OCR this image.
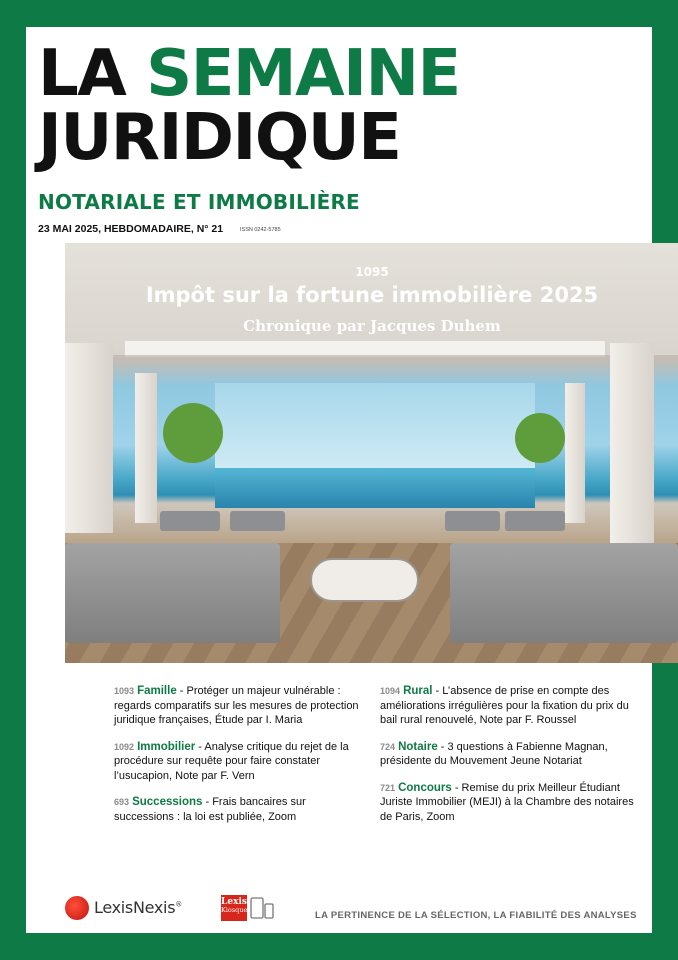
LA SEMAINE
JURIDIQUE
NOTARIALE ET IMMOBILIÈRE
23 MAI 2025, HEBDOMADAIRE, N° 21	ISSN 0242-5785
1095
Impôt sur la fortune immobilière 2025
Chronique par Jacques Duhem
1093 Famille - Protéger un majeur vulnérable : regards comparatifs sur les mesures de protection juridique françaises, Étude par I. Maria
1092 Immobilier - Analyse critique du rejet de la procédure sur requête pour faire constater l’usucapion, Note par F. Vern
693 Successions - Frais bancaires sur successions : la loi est publiée, Zoom
1094 Rural - L’absence de prise en compte des améliorations irrégulières pour la fixation du prix du bail rural renouvelé, Note par F. Roussel
724 Notaire - 3 questions à Fabienne Magnan, présidente du Mouvement Jeune Notariat
721 Concours - Remise du prix Meilleur Étudiant Juriste Immobilier (MEJI) à la Chambre des notaires de Paris, Zoom
LexisNexis®	Lexis
Kiosque	LA PERTINENCE DE LA SÉLECTION, LA FIABILITÉ DES ANALYSES
